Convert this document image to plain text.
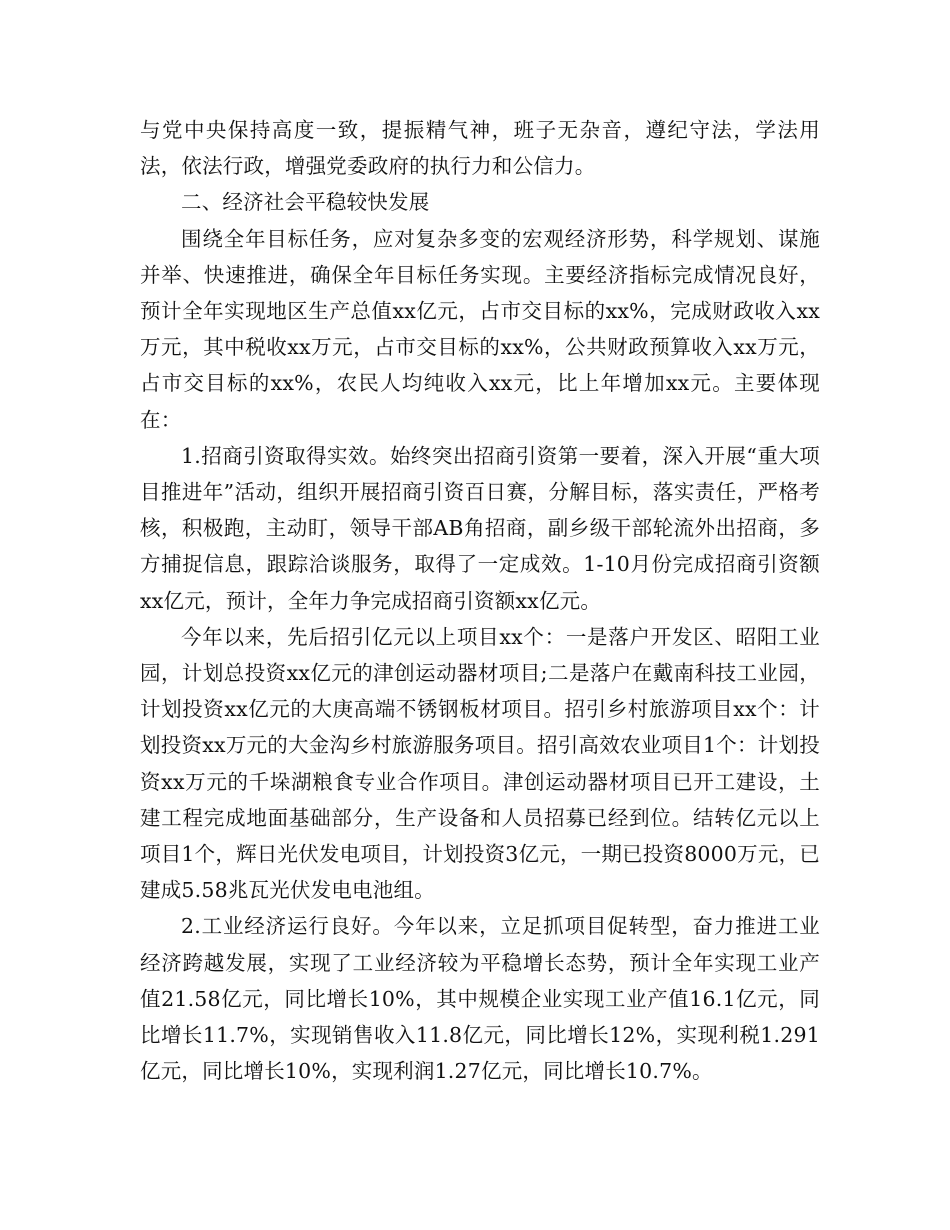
与党中央保持高度一致，提振精气神，班子无杂音，遵纪守法，学法用法，依法行政，增强党委政府的执行力和公信力。

二、经济社会平稳较快发展

围绕全年目标任务，应对复杂多变的宏观经济形势，科学规划、谋施并举、快速推进，确保全年目标任务实现。主要经济指标完成情况良好，预计全年实现地区生产总值xx亿元，占市交目标的xx%，完成财政收入xx万元，其中税收xx万元，占市交目标的xx%，公共财政预算收入xx万元，占市交目标的xx%，农民人均纯收入xx元，比上年增加xx元。主要体现在：

1.招商引资取得实效。始终突出招商引资第一要着，深入开展“重大项目推进年”活动，组织开展招商引资百日赛，分解目标，落实责任，严格考核，积极跑，主动盯，领导干部AB角招商，副乡级干部轮流外出招商，多方捕捉信息，跟踪洽谈服务，取得了一定成效。1-10月份完成招商引资额xx亿元，预计，全年力争完成招商引资额xx亿元。

今年以来，先后招引亿元以上项目xx个：一是落户开发区、昭阳工业园，计划总投资xx亿元的津创运动器材项目;二是落户在戴南科技工业园，计划投资xx亿元的大庚高端不锈钢板材项目。招引乡村旅游项目xx个：计划投资xx万元的大金沟乡村旅游服务项目。招引高效农业项目1个：计划投资xx万元的千垛湖粮食专业合作项目。津创运动器材项目已开工建设，土建工程完成地面基础部分，生产设备和人员招募已经到位。结转亿元以上项目1个，辉日光伏发电项目，计划投资3亿元，一期已投资8000万元，已建成5.58兆瓦光伏发电电池组。

2.工业经济运行良好。今年以来，立足抓项目促转型，奋力推进工业经济跨越发展，实现了工业经济较为平稳增长态势，预计全年实现工业产值21.58亿元，同比增长10%，其中规模企业实现工业产值16.1亿元，同比增长11.7%，实现销售收入11.8亿元，同比增长12%，实现利税1.291亿元，同比增长10%，实现利润1.27亿元，同比增长10.7%。
